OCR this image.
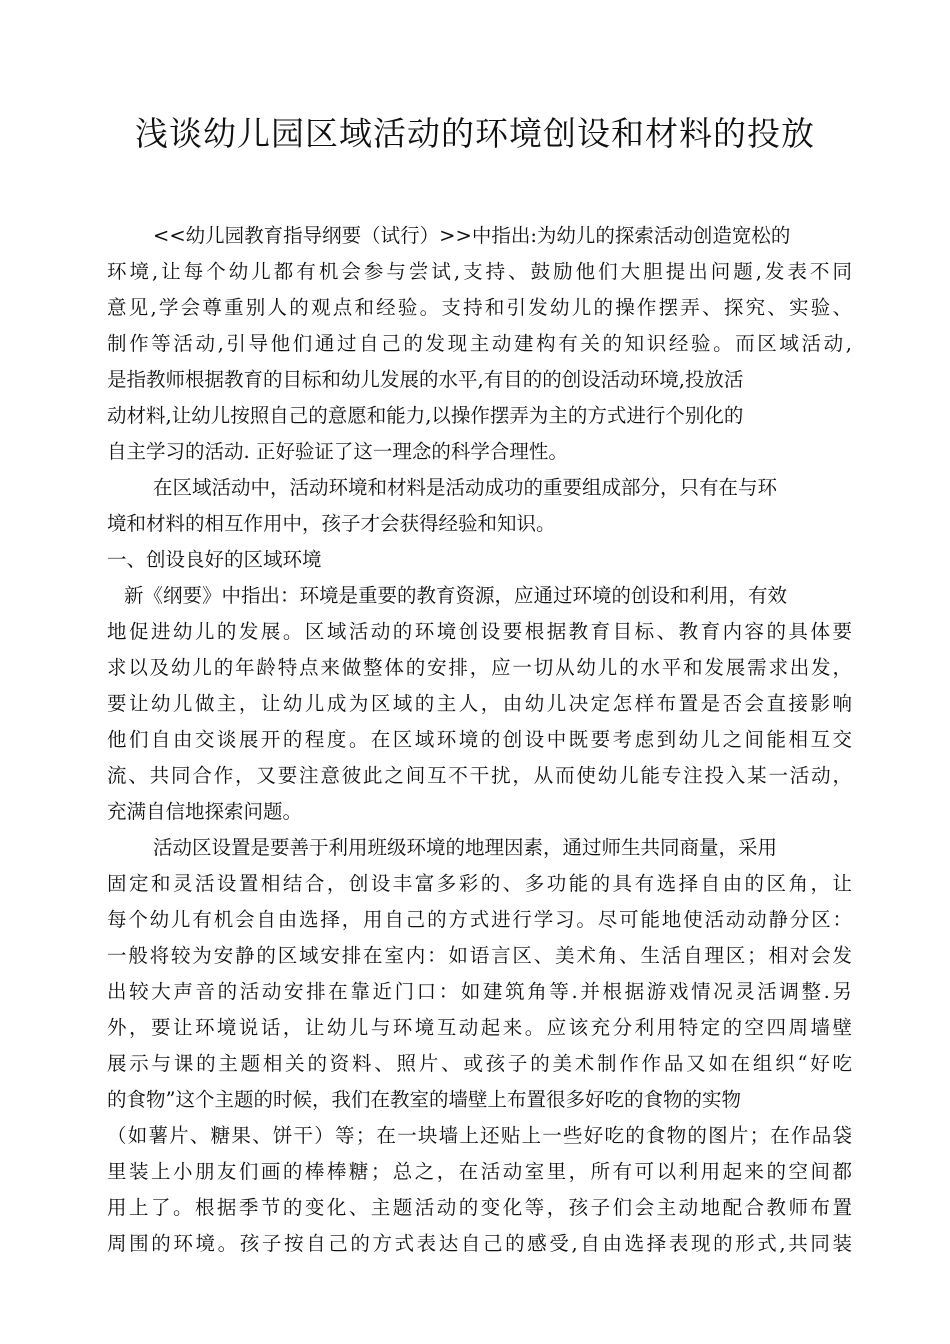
浅谈幼儿园区域活动的环境创设和材料的投放
<<幼儿园教育指导纲要（试行）>>中指出:为幼儿的探索活动创造宽松的
环境,让每个幼儿都有机会参与尝试,支持、鼓励他们大胆提出问题,发表不同
意见,学会尊重别人的观点和经验。支持和引发幼儿的操作摆弄、探究、实验、
制作等活动,引导他们通过自己的发现主动建构有关的知识经验。而区域活动,
是指教师根据教育的目标和幼儿发展的水平,有目的的创设活动环境,投放活
动材料,让幼儿按照自己的意愿和能力,以操作摆弄为主的方式进行个别化的
自主学习的活动. 正好验证了这一理念的科学合理性。
在区域活动中，活动环境和材料是活动成功的重要组成部分，只有在与环
境和材料的相互作用中，孩子才会获得经验和知识。
一、创设良好的区域环境
新《纲要》中指出：环境是重要的教育资源，应通过环境的创设和利用，有效
地促进幼儿的发展。区域活动的环境创设要根据教育目标、教育内容的具体要
求以及幼儿的年龄特点来做整体的安排，应一切从幼儿的水平和发展需求出发，
要让幼儿做主，让幼儿成为区域的主人，由幼儿决定怎样布置是否会直接影响
他们自由交谈展开的程度。在区域环境的创设中既要考虑到幼儿之间能相互交
流、共同合作，又要注意彼此之间互不干扰，从而使幼儿能专注投入某一活动，
充满自信地探索问题。
活动区设置是要善于利用班级环境的地理因素，通过师生共同商量，采用
固定和灵活设置相结合，创设丰富多彩的、多功能的具有选择自由的区角，让
每个幼儿有机会自由选择，用自己的方式进行学习。尽可能地使活动动静分区：
一般将较为安静的区域安排在室内：如语言区、美术角、生活自理区；相对会发
出较大声音的活动安排在靠近门口：如建筑角等.并根据游戏情况灵活调整.另
外，要让环境说话，让幼儿与环境互动起来。应该充分利用特定的空四周墙壁
展示与课的主题相关的资料、照片、或孩子的美术制作作品又如在组织“好吃
的食物”这个主题的时候，我们在教室的墙壁上布置很多好吃的食物的实物
（如薯片、糖果、饼干）等；在一块墙上还贴上一些好吃的食物的图片；在作品袋
里装上小朋友们画的棒棒糖；总之，在活动室里，所有可以利用起来的空间都
用上了。根据季节的变化、主题活动的变化等，孩子们会主动地配合教师布置
周围的环境。孩子按自己的方式表达自己的感受,自由选择表现的形式,共同装
